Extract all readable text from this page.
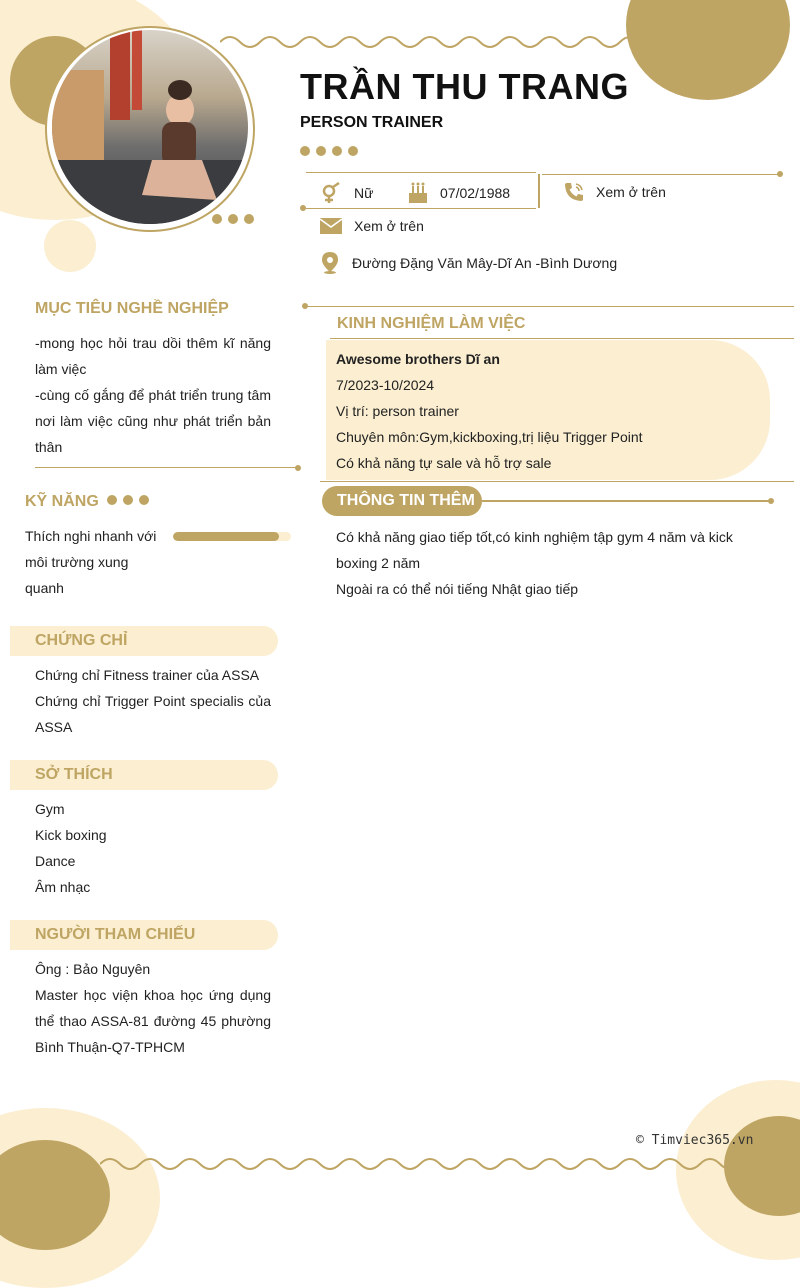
TRẦN THU TRANG
PERSON TRAINER
Nữ	07/02/1988	Xem ở trên
Xem ở trên
Đường Đặng Văn Mây-Dĩ An -Bình Dương
MỤC TIÊU NGHỀ NGHIỆP
-mong học hỏi trau dồi thêm kĩ năng làm việc
-cùng cố gắng để phát triển trung tâm nơi làm việc cũng như phát triển bản thân
KỸ NĂNG
Thích nghi nhanh với môi trường xung quanh
CHỨNG CHỈ
Chứng chỉ Fitness trainer của ASSA
Chứng chỉ Trigger Point specialis của ASSA
SỞ THÍCH
Gym
Kick boxing
Dance
Âm nhạc
NGƯỜI THAM CHIẾU
Ông : Bảo Nguyên
Master học viện khoa học ứng dụng thể thao ASSA-81 đường 45 phường Bình Thuận-Q7-TPHCM
KINH NGHIỆM LÀM VIỆC
Awesome brothers Dĩ an
7/2023-10/2024
Vị trí: person trainer
Chuyên môn:Gym,kickboxing,trị liệu Trigger Point
Có khả năng tự sale và hỗ trợ sale
THÔNG TIN THÊM
Có khả năng giao tiếp tốt,có kinh nghiệm tập gym 4 năm và kick boxing 2 năm
Ngoài ra có thể nói tiếng Nhật giao tiếp
© Timviec365.vn
